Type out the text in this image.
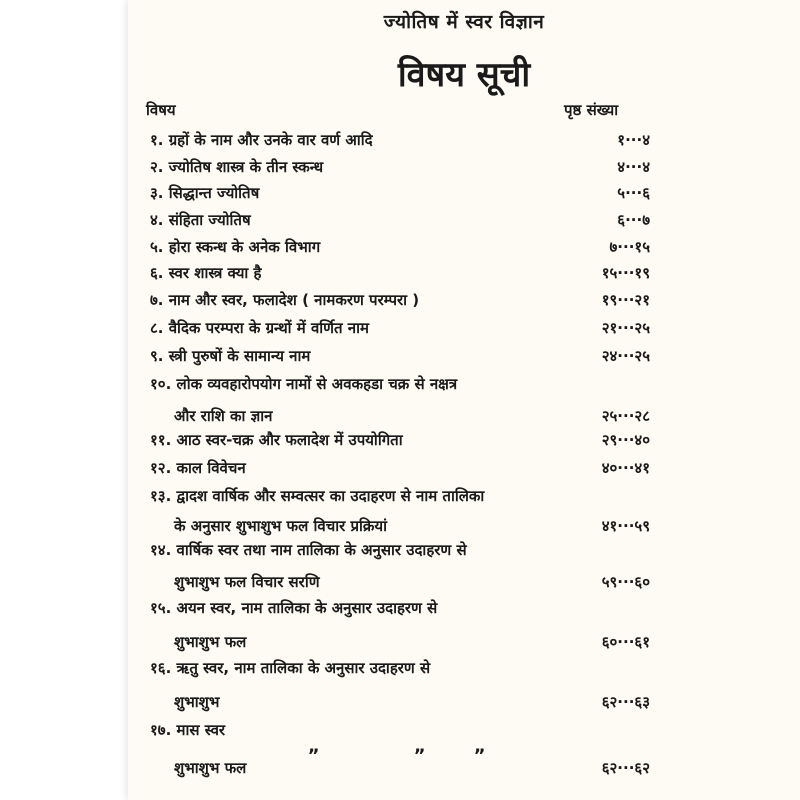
ज्योतिष में स्वर विज्ञान
विषय सूची
विषय	पृष्ठ संख्या
१. ग्रहों के नाम और उनके वार वर्ण आदि	१···४
२. ज्योतिष शास्त्र के तीन स्कन्ध	४···४
३. सिद्धान्त ज्योतिष	५···६
४. संहिता ज्योतिष	६···७
५. होरा स्कन्ध के अनेक विभाग	७···१५
६. स्वर शास्त्र क्या है	१५···१९
७. नाम और स्वर, फलादेश ( नामकरण परम्परा )	१९···२१
८. वैदिक परम्परा के ग्रन्थों में वर्णित नाम	२१···२५
९. स्त्री पुरुषों के सामान्य नाम	२४···२५
१०. लोक व्यवहारोपयोग नामों से अवकहडा चक्र से नक्षत्र
और राशि का ज्ञान	२५···२८
११. आठ स्वर-चक्र और फलादेश में उपयोगिता	२९···४०
१२. काल विवेचन	४०···४१
१३. द्वादश वार्षिक और सम्वत्सर का उदाहरण से नाम तालिका
के अनुसार शुभाशुभ फल विचार प्रक्रियां	४१···५९
१४. वार्षिक स्वर तथा नाम तालिका के अनुसार उदाहरण से
शुभाशुभ फल विचार सरणि	५९···६०
१५. अयन स्वर, नाम तालिका के अनुसार उदाहरण से
शुभाशुभ फल	६०···६१
१६. ऋतु स्वर, नाम तालिका के अनुसार उदाहरण से
शुभाशुभ	६२···६३
१७. मास स्वर
शुभाशुभ फल	६२···६२
„	„	„
